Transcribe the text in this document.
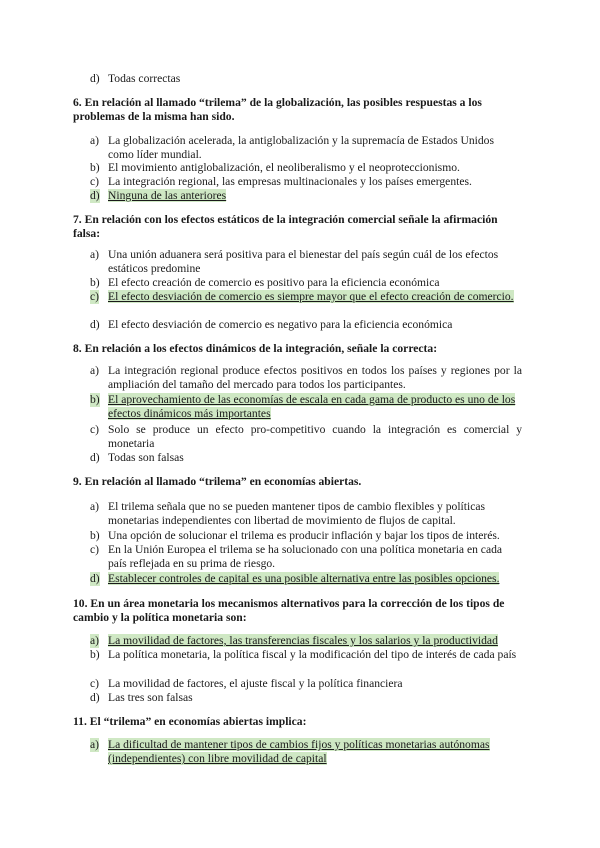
d) Todas correctas
6. En relación al llamado “trilema” de la globalización, las posibles respuestas a los problemas de la misma han sido.
a) La globalización acelerada, la antiglobalización y la supremacía de Estados Unidos como líder mundial.
b) El movimiento antiglobalización, el neoliberalismo y el neoproteccionismo.
c) La integración regional, las empresas multinacionales y los países emergentes.
d) Ninguna de las anteriores
7. En relación con los efectos estáticos de la integración comercial señale la afirmación falsa:
a) Una unión aduanera será positiva para el bienestar del país según cuál de los efectos estáticos predomine
b) El efecto creación de comercio es positivo para la eficiencia económica
c) El efecto desviación de comercio es siempre mayor que el efecto creación de comercio.
d) El efecto desviación de comercio es negativo para la eficiencia económica
8. En relación a los efectos dinámicos de la integración, señale la correcta:
a) La integración regional produce efectos positivos en todos los países y regiones por la ampliación del tamaño del mercado para todos los participantes.
b) El aprovechamiento de las economías de escala en cada gama de producto es uno de los efectos dinámicos más importantes
c) Solo se produce un efecto pro-competitivo cuando la integración es comercial y monetaria
d) Todas son falsas
9. En relación al llamado “trilema” en economías abiertas.
a) El trilema señala que no se pueden mantener tipos de cambio flexibles y políticas monetarias independientes con libertad de movimiento de flujos de capital.
b) Una opción de solucionar el trilema es producir inflación y bajar los tipos de interés.
c) En la Unión Europea el trilema se ha solucionado con una política monetaria en cada país reflejada en su prima de riesgo.
d) Establecer controles de capital es una posible alternativa entre las posibles opciones.
10. En un área monetaria los mecanismos alternativos para la corrección de los tipos de cambio y la política monetaria son:
a) La movilidad de factores, las transferencias fiscales y los salarios y la productividad
b) La política monetaria, la política fiscal y la modificación del tipo de interés de cada país
c) La movilidad de factores, el ajuste fiscal y la política financiera
d) Las tres son falsas
11. El “trilema” en economías abiertas implica:
a) La dificultad de mantener tipos de cambios fijos y políticas monetarias autónomas (independientes) con libre movilidad de capital
